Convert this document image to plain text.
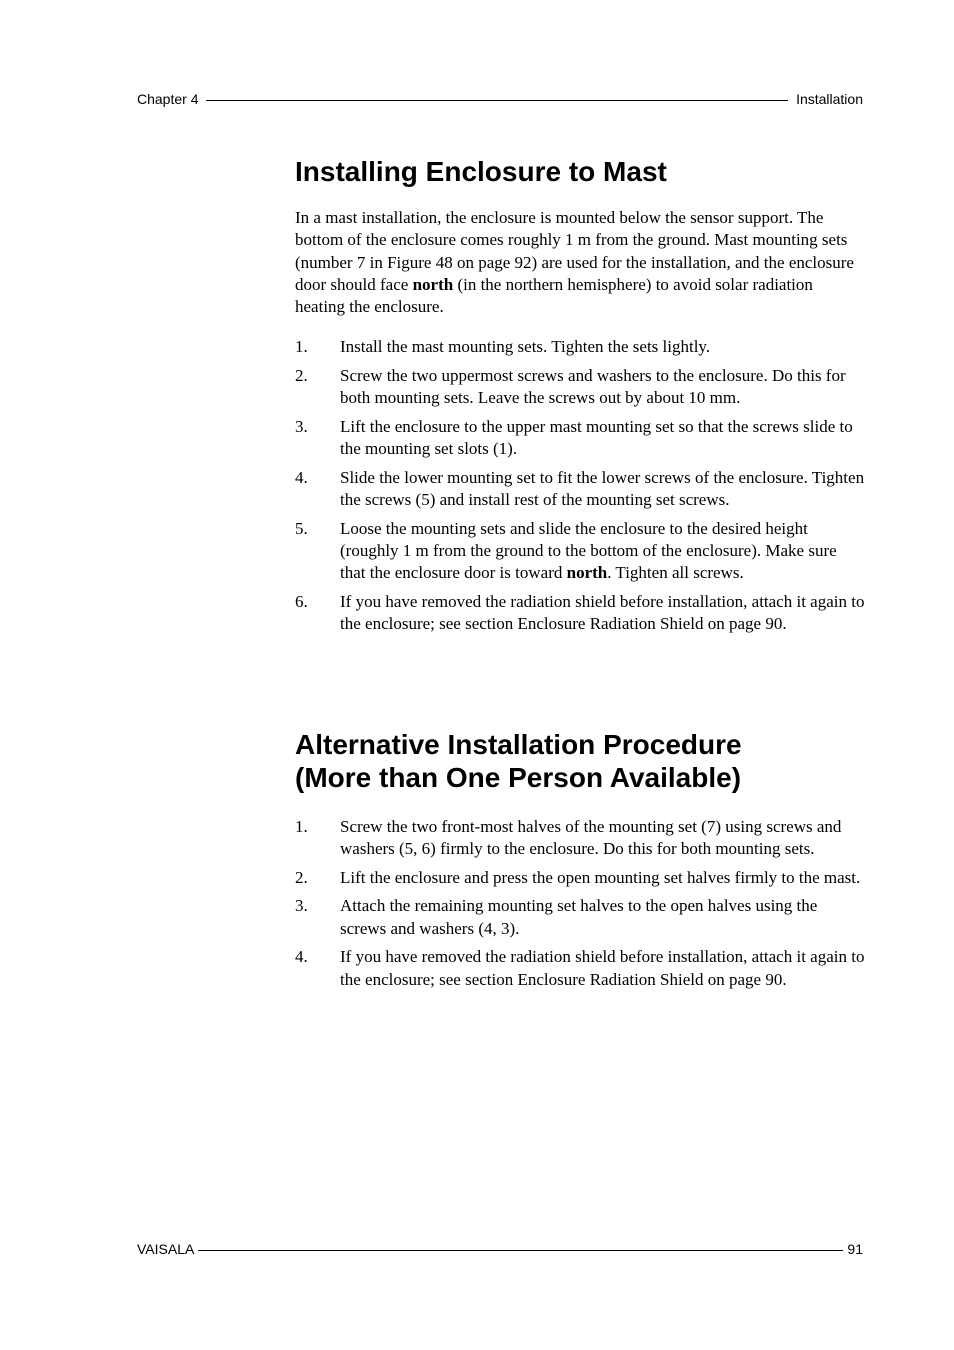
Chapter 4	Installation
Installing Enclosure to Mast

In a mast installation, the enclosure is mounted below the sensor support. The bottom of the enclosure comes roughly 1 m from the ground. Mast mounting sets (number 7 in Figure 48 on page 92) are used for the installation, and the enclosure door should face north (in the northern hemisphere) to avoid solar radiation heating the enclosure.

1.	Install the mast mounting sets. Tighten the sets lightly.
2.	Screw the two uppermost screws and washers to the enclosure. Do this for both mounting sets. Leave the screws out by about 10 mm.
3.	Lift the enclosure to the upper mast mounting set so that the screws slide to the mounting set slots (1).
4.	Slide the lower mounting set to fit the lower screws of the enclosure. Tighten the screws (5) and install rest of the mounting set screws.
5.	Loose the mounting sets and slide the enclosure to the desired height (roughly 1 m from the ground to the bottom of the enclosure). Make sure that the enclosure door is toward north. Tighten all screws.
6.	If you have removed the radiation shield before installation, attach it again to the enclosure; see section Enclosure Radiation Shield on page 90.
Alternative Installation Procedure
(More than One Person Available)
1.	Screw the two front-most halves of the mounting set (7) using screws and washers (5, 6) firmly to the enclosure. Do this for both mounting sets.
2.	Lift the enclosure and press the open mounting set halves firmly to the mast.
3.	Attach the remaining mounting set halves to the open halves using the screws and washers (4, 3).
4.	If you have removed the radiation shield before installation, attach it again to the enclosure; see section Enclosure Radiation Shield on page 90.
VAISALA	91
